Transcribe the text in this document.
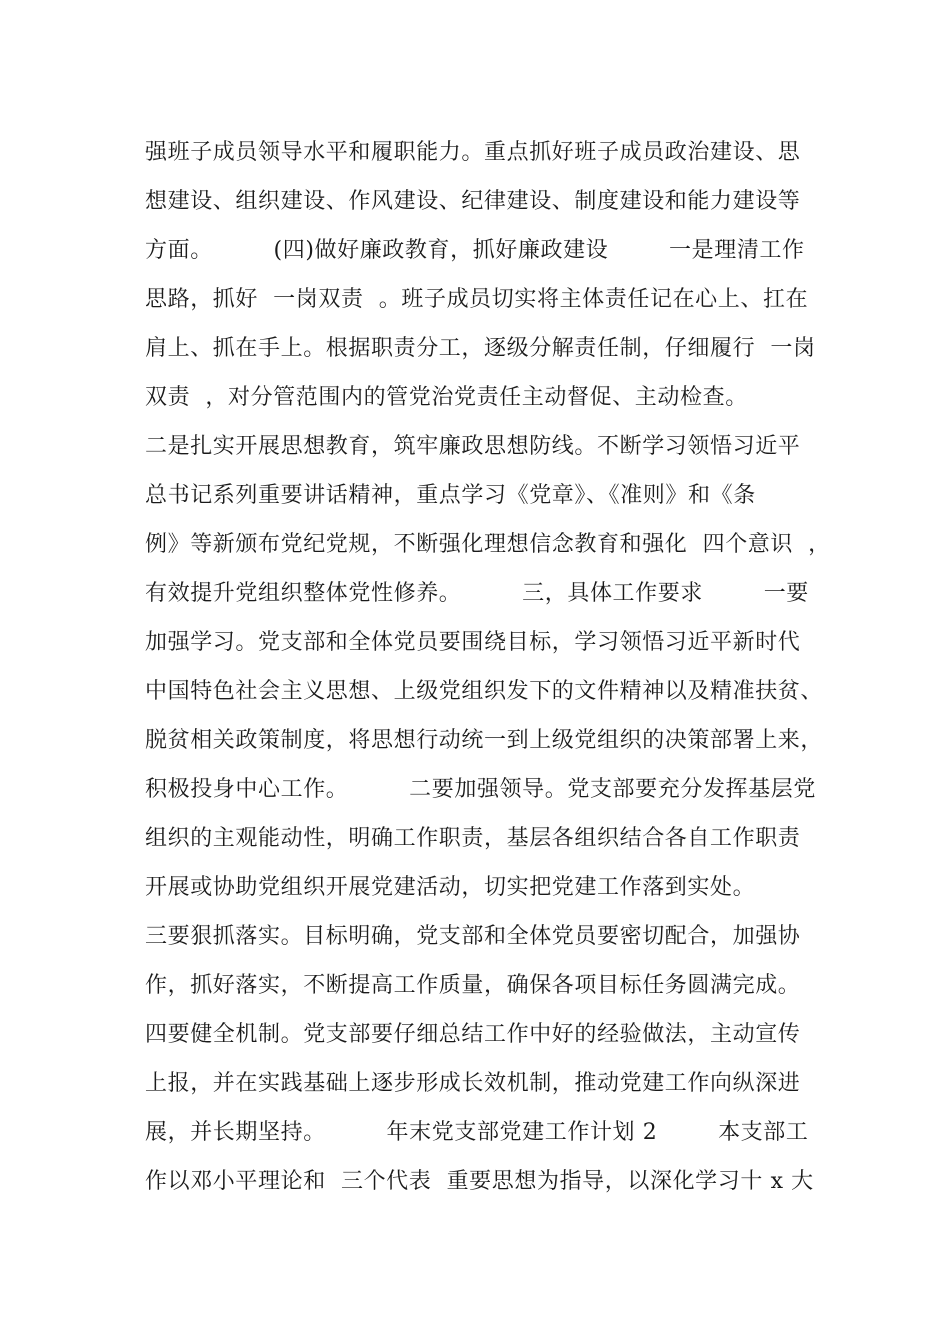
强班子成员领导水平和履职能力。重点抓好班子成员政治建设、思
想建设、组织建设、作风建设、纪律建设、制度建设和能力建设等
方面。        (四)做好廉政教育，抓好廉政建设        一是理清工作
思路，抓好  一岗双责  。班子成员切实将主体责任记在心上、扛在
肩上、抓在手上。根据职责分工，逐级分解责任制，仔细履行  一岗
双责  ，对分管范围内的管党治党责任主动督促、主动检查。
二是扎实开展思想教育，筑牢廉政思想防线。不断学习领悟习近平
总书记系列重要讲话精神，重点学习《党章》、《准则》和《条
例》等新颁布党纪党规，不断强化理想信念教育和强化  四个意识  ，
有效提升党组织整体党性修养。        三，具体工作要求        一要
加强学习。党支部和全体党员要围绕目标，学习领悟习近平新时代
中国特色社会主义思想、上级党组织发下的文件精神以及精准扶贫、
脱贫相关政策制度，将思想行动统一到上级党组织的决策部署上来，
积极投身中心工作。        二要加强领导。党支部要充分发挥基层党
组织的主观能动性，明确工作职责，基层各组织结合各自工作职责
开展或协助党组织开展党建活动，切实把党建工作落到实处。
三要狠抓落实。目标明确，党支部和全体党员要密切配合，加强协
作，抓好落实，不断提高工作质量，确保各项目标任务圆满完成。
四要健全机制。党支部要仔细总结工作中好的经验做法，主动宣传
上报，并在实践基础上逐步形成长效机制，推动党建工作向纵深进
展，并长期坚持。        年末党支部党建工作计划 2        本支部工
作以邓小平理论和  三个代表  重要思想为指导，以深化学习十 x 大
